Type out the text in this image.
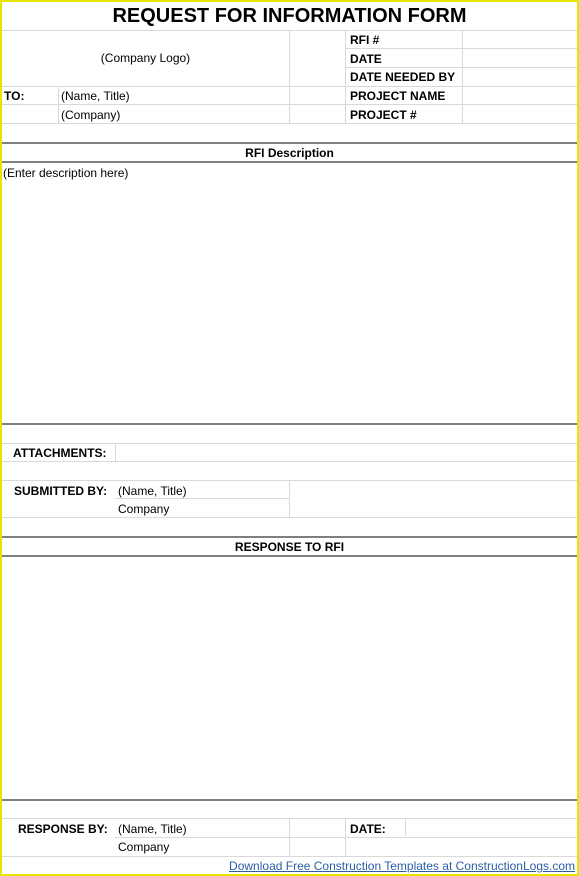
REQUEST FOR INFORMATION FORM
(Company Logo)
RFI #
DATE
DATE NEEDED BY
PROJECT NAME
PROJECT #
TO:	(Name, Title)
(Company)
RFI Description
(Enter description here)
ATTACHMENTS:
SUBMITTED BY: (Name, Title)
Company
RESPONSE TO RFI
RESPONSE BY: (Name, Title)
Company
DATE:
Download Free Construction Templates at ConstructionLogs.com
